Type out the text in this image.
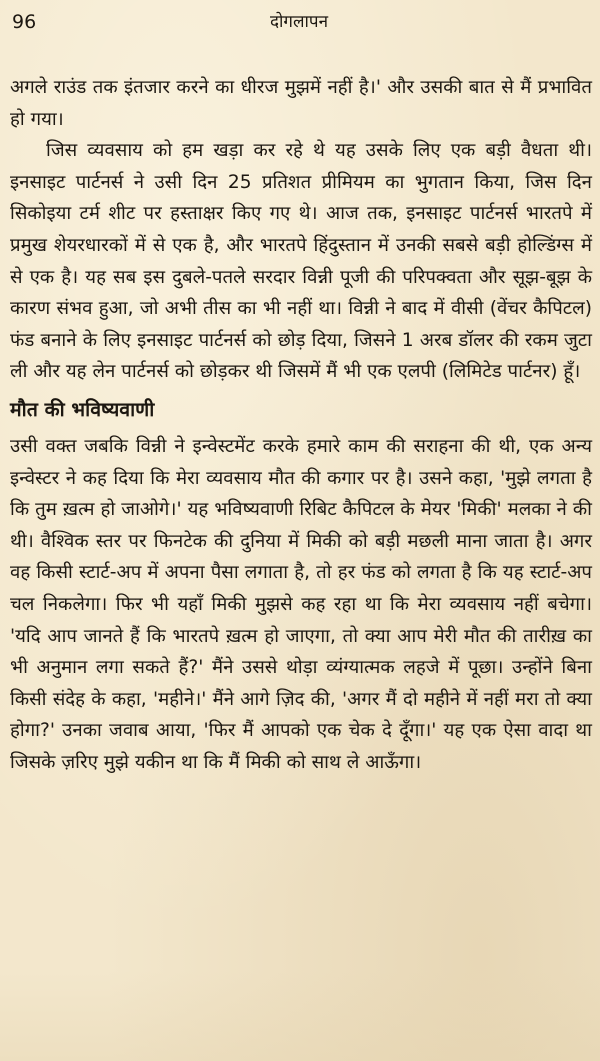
96	दोगलापन

अगले राउंड तक इंतजार करने का धीरज मुझमें नहीं है।' और उसकी बात से मैं प्रभावित हो गया।

जिस व्यवसाय को हम खड़ा कर रहे थे यह उसके लिए एक बड़ी वैधता थी। इनसाइट पार्टनर्स ने उसी दिन 25 प्रतिशत प्रीमियम का भुगतान किया, जिस दिन सिकोइया टर्म शीट पर हस्ताक्षर किए गए थे। आज तक, इनसाइट पार्टनर्स भारतपे में प्रमुख शेयरधारकों में से एक है, और भारतपे हिंदुस्तान में उनकी सबसे बड़ी होल्डिंग्स में से एक है। यह सब इस दुबले-पतले सरदार विन्नी पूजी की परिपक्वता और सूझ-बूझ के कारण संभव हुआ, जो अभी तीस का भी नहीं था। विन्नी ने बाद में वीसी (वेंचर कैपिटल) फंड बनाने के लिए इनसाइट पार्टनर्स को छोड़ दिया, जिसने 1 अरब डॉलर की रकम जुटा ली और यह लेन पार्टनर्स को छोड़कर थी जिसमें मैं भी एक एलपी (लिमिटेड पार्टनर) हूँ।

मौत की भविष्यवाणी

उसी वक्त जबकि विन्नी ने इन्वेस्टमेंट करके हमारे काम की सराहना की थी, एक अन्य इन्वेस्टर ने कह दिया कि मेरा व्यवसाय मौत की कगार पर है। उसने कहा, 'मुझे लगता है कि तुम ख़त्म हो जाओगे।' यह भविष्यवाणी रिबिट कैपिटल के मेयर 'मिकी' मलका ने की थी। वैश्विक स्तर पर फिनटेक की दुनिया में मिकी को बड़ी मछली माना जाता है। अगर वह किसी स्टार्ट-अप में अपना पैसा लगाता है, तो हर फंड को लगता है कि यह स्टार्ट-अप चल निकलेगा। फिर भी यहाँ मिकी मुझसे कह रहा था कि मेरा व्यवसाय नहीं बचेगा। 'यदि आप जानते हैं कि भारतपे ख़त्म हो जाएगा, तो क्या आप मेरी मौत की तारीख़ का भी अनुमान लगा सकते हैं?' मैंने उससे थोड़ा व्यंग्यात्मक लहजे में पूछा। उन्होंने बिना किसी संदेह के कहा, 'महीने।' मैंने आगे ज़िद की, 'अगर मैं दो महीने में नहीं मरा तो क्या होगा?' उनका जवाब आया, 'फिर मैं आपको एक चेक दे दूँगा।' यह एक ऐसा वादा था जिसके ज़रिए मुझे यकीन था कि मैं मिकी को साथ ले आऊँगा।
